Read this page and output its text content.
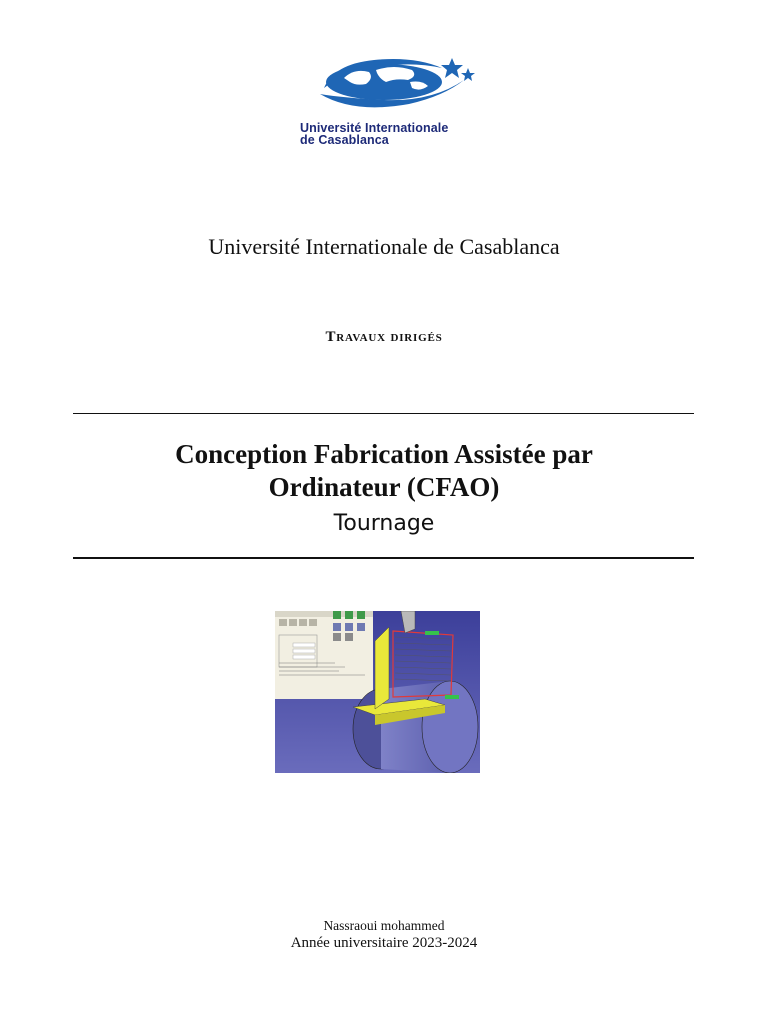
Université Internationale
de Casablanca
Université Internationale de Casablanca
Travaux dirigés
Conception Fabrication Assistée par
Ordinateur (CFAO)
Tournage
Nassraoui mohammed
Année universitaire 2023-2024
